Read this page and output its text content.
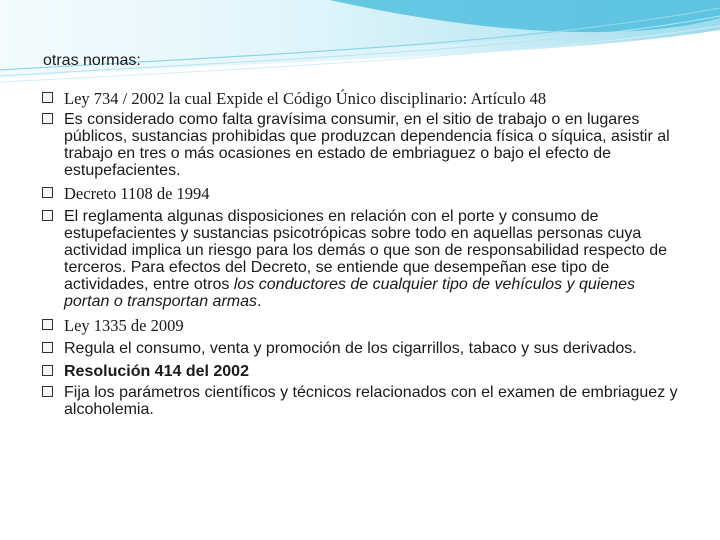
otras normas:

Ley 734 / 2002 la cual Expide el Código Único disciplinario: Artículo 48
Es considerado como falta gravísima consumir, en el sitio de trabajo o en lugares públicos, sustancias prohibidas que produzcan dependencia física o síquica, asistir al trabajo en tres o más ocasiones en estado de embriaguez o bajo el efecto de estupefacientes.
Decreto 1108 de 1994
El reglamenta algunas disposiciones en relación con el porte y consumo de estupefacientes y sustancias psicotrópicas sobre todo en aquellas personas cuya actividad implica un riesgo para los demás o que son de responsabilidad respecto de terceros. Para efectos del Decreto, se entiende que desempeñan ese tipo de actividades, entre otros los conductores de cualquier tipo de vehículos y quienes portan o transportan armas.
Ley 1335 de 2009
Regula el consumo, venta y promoción de los cigarrillos, tabaco y sus derivados.
Resolución 414 del 2002
Fija los parámetros científicos y técnicos relacionados con el examen de embriaguez y alcoholemia.
